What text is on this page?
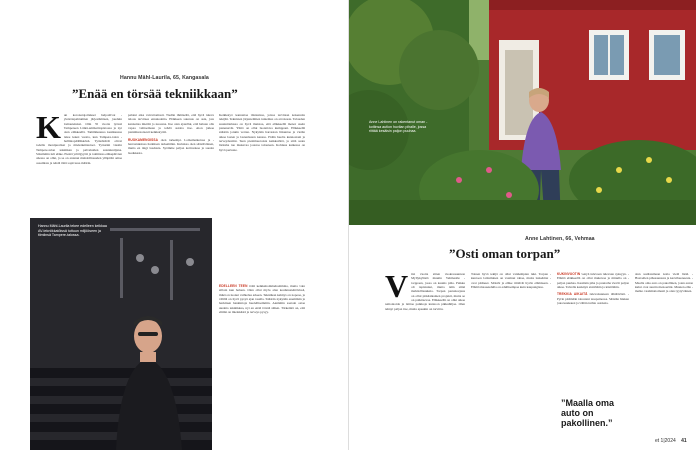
Hannu Mähl-Laurila, 65, Kangasala
”Enää en törsää tekniikkaan”
K un koronarajoitukset helpottivat yleisötapahtumien järjestämisen, jouduin lomautetuksi. Olin 35 vuotta työssä Tampereen Lätkä-ammattiopistossa ja nyt olen eläkkeellä. Tammikuussa kesäkuussa tulee kaksi vuotta, kun Tampere-talon hallintopäällikkönä. Työtehtävät olivat todella monipuoliset ja mielenkiintoiset. Työssäni viestin Tampere-talon tekniikan ja palveluiden asiantuntijana. Sittemmin tuli eläke. Pientä yrittäjyyttä ja toimintaa eläkepäivien ohessa on ollut, ja se on antanut mahdollisuuden ylläpitää omaa osaamista ja tehdä töitä sopivassa määrin.

palatut aika vaivattomasti. Tiedän ihmiseltä, että hyvä tuleva talous tarvitsee ennakointia. Eläkkeen suuruus on asia, jota kannattaa miettiä jo nuorena. Itse olen ajatellut, että haluan olla vapaa valitsemaan ja tehdä asioita itse. Aion jatkaa pienimuotoisesti keikkatyötä.

RUOKAMENOISSA olen tarkempi. Lomamatkoissa ja harrastuksissa harkitsen tarkemmin. Kuluissa olen säästäväinen, mutta en tingi laadusta. Syömme paljon kotiruokaa ja suosin laadukasta.

Keikkatyö kannattaa tilanteissa, joissa tarvitaan kokenutta tekijää. Teknisten järjestelmien tuntemus on arvokasta. Talouden suunnittelussa on hyvä muistaa, että eläkkeellä menot usein pienenevät. Yhtiö on ollut luotettava kumppani. Eläkkeellä säästän jonkin verran. Nykyään harrastan liikuntaa ja vietän aikaa lasten ja lastenlasten kanssa. Pidän huolta kunnostani ja terveydestäni. Teen pienimuotoisia keikkatöitä, ja siitä saatu lisäraha tuo mukavaa joustoa talouteen. Kohtuus kaikessa on hyvä periaate.

EDELLEEN TEEN töitä keikkahommehommina, mutta vain silloin kun haluan. Olen ollut myös alan koulutustehtävissä, mikä on tuonut vaihtelua arkeen. Tekniikan kehitys on nopeaa, ja välillä on hyvä pysyä ajan tasalla. Säästän nykyään enemmän ja harkitsen hankintoja huolellisemmin. Aiemmin saatoin ostaa uusinta tekniikkaa, nyt en enää törsää siihen. Tärkeintä on, että elämä on mielekästä ja terveys pysyy.

Hannu Mähl-Laurila tekee edelleen keikkaa AV-tekniikkatöissä tuttuun miljööseen ja tiimiinsä Tampere-talossa.
Anne Lahtinen on rakentanut oman kotiinsa aution huvilan pihalle, jossa riittää kesäisin paljon puuhaa.
Anne Lahtinen, 66, Vehmaa
”Osti oman torpan”
V iisi vuotta sitten vuokraasunnon Myllykylästä muutin Vehmaalle torppaan, jossa on kaunis piha. Paikka oli rapistunut, mutta näin siinä mahdollisuuksia. Torpan peruskorjaus on ollut pitkäaikainen projekti, mutta se on palkitsevaa. Eläkkeellä on ollut aikaa remontoida ja laittaa paikkoja kuntoon pikkuhiljaa. Olen tehnyt paljon itse, mutta apuakin on tarvittu.

Toinen hyvä tekijä on ollut vanhempien tuki. Torpan kuntoon laittaminen on vaatinut rahaa, mutta laskelmat ovat pitäneet. Säästöt ja eläke riittävät hyvin elämiseen. Elämä maaseudulla on edullisempaa kuin kaupungissa.

KUKINVUOTIN venyä tulevaan tulevaan syksyyn. Elämä eläkkeellä on ollut mukavaa ja minulla on paljon puuhaa. Kesäisin piha ja puutarha vievät paljon aikaa. Talvella keskityn sisätöihin ja käsitöihin.

TREKKIA AIKAITÄ tulevaisuuteen tähtäävästi. Pyrin pitämään talouteni tasapainossa. Säästän hiukan joka kuukausi ja vältän turhia ostoksia.

alan uudistamaan kotia vielä lisää. Haaveilen pihasaunasta ja kasvihuoneesta. Maalla oma auto on pakollinen, joten auton kulut ovat suurin menoeräni. Muuten elän melko vaatimattomasti ja olen tyytyväinen.

”Maalla oma auto on pakollinen.”
et 1|2024 41
